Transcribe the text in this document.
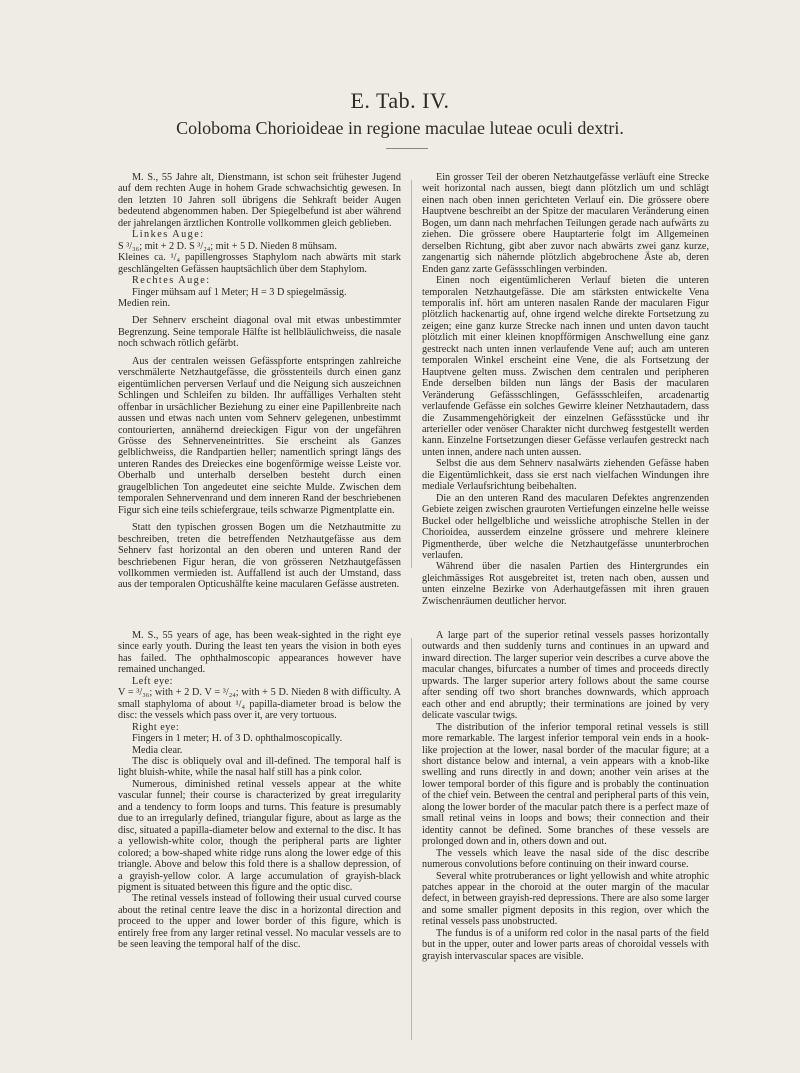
E. Tab. IV.
Coloboma Chorioideae in regione maculae luteae oculi dextri.

M. S., 55 Jahre alt, Dienstmann, ist schon seit frühester Jugend auf dem rechten Auge in hohem Grade schwachsichtig gewesen. In den letzten 10 Jahren soll übrigens die Sehkraft beider Augen bedeutend abgenommen haben. Der Spiegelbefund ist aber während der jahrelangen ärztlichen Kontrolle vollkommen gleich geblieben.

Linkes Auge:

S ³/₃₆; mit + 2 D. S ³/₂₄; mit + 5 D. Nieden 8 mühsam.

Kleines ca. ¹/₄ papillengrosses Staphylom nach abwärts mit stark geschlängelten Gefässen hauptsächlich über dem Staphylom.

Rechtes Auge:

Finger mühsam auf 1 Meter; H = 3 D spiegelmässig.

Medien rein.

Der Sehnerv erscheint diagonal oval mit etwas unbestimmter Begrenzung. Seine temporale Hälfte ist hellbläulichweiss, die nasale noch schwach rötlich gefärbt.

Aus der centralen weissen Gefässpforte entspringen zahlreiche verschmälerte Netzhautgefässe, die grösstenteils durch einen ganz eigentümlichen perversen Verlauf und die Neigung sich auszeichnen Schlingen und Schleifen zu bilden. Ihr auffälliges Verhalten steht offenbar in ursächlicher Beziehung zu einer eine Papillenbreite nach aussen und etwas nach unten vom Sehnerv gelegenen, unbestimmt contourierten, annähernd dreieckigen Figur von der ungefähren Grösse des Sehnerveneintrittes. Sie erscheint als Ganzes gelblichweiss, die Randpartien heller; namentlich springt längs des unteren Randes des Dreieckes eine bogenförmige weisse Leiste vor. Oberhalb und unterhalb derselben besteht durch einen graugelblichen Ton angedeutet eine seichte Mulde. Zwischen dem temporalen Sehnervenrand und dem inneren Rand der beschriebenen Figur sich eine teils schiefergraue, teils schwarze Pigmentplatte ein.

Statt den typischen grossen Bogen um die Netzhautmitte zu beschreiben, treten die betreffenden Netzhautgefässe aus dem Sehnerv fast horizontal an den oberen und unteren Rand der beschriebenen Figur heran, die von grösseren Netzhautgefässen vollkommen vermieden ist. Auffallend ist auch der Umstand, dass aus der temporalen Opticushälfte keine macularen Gefässe austreten.

Ein grosser Teil der oberen Netzhautgefässe verläuft eine Strecke weit horizontal nach aussen, biegt dann plötzlich um und schlägt einen nach oben innen gerichteten Verlauf ein. Die grössere obere Hauptvene beschreibt an der Spitze der macularen Veränderung einen Bogen, um dann nach mehrfachen Teilungen gerade nach aufwärts zu ziehen. Die grössere obere Hauptarterie folgt im Allgemeinen derselben Richtung, gibt aber zuvor nach abwärts zwei ganz kurze, zangenartig sich nähernde plötzlich abgebrochene Äste ab, deren Enden ganz zarte Gefässschlingen verbinden.

Einen noch eigentümlicheren Verlauf bieten die unteren temporalen Netzhautgefässe. Die am stärksten entwickelte Vena temporalis inf. hört am unteren nasalen Rande der macularen Figur plötzlich hackenartig auf, ohne irgend welche direkte Fortsetzung zu zeigen; eine ganz kurze Strecke nach innen und unten davon taucht plötzlich mit einer kleinen knopfförmigen Anschwellung eine ganz gestreckt nach unten innen verlaufende Vene auf; auch am unteren temporalen Winkel erscheint eine Vene, die als Fortsetzung der Hauptvene gelten muss. Zwischen dem centralen und peripheren Ende derselben bilden nun längs der Basis der macularen Veränderung Gefässschlingen, Gefässschleifen, arcadenartig verlaufende Gefässe ein solches Gewirre kleiner Netzhautadern, dass die Zusammengehörigkeit der einzelnen Gefässstücke und ihr arterieller oder venöser Charakter nicht durchweg festgestellt werden kann. Einzelne Fortsetzungen dieser Gefässe verlaufen gestreckt nach unten innen, andere nach unten aussen.

Selbst die aus dem Sehnerv nasalwärts ziehenden Gefässe haben die Eigentümlichkeit, dass sie erst nach vielfachen Windungen ihre mediale Verlaufsrichtung beibehalten.

Die an den unteren Rand des macularen Defektes angrenzenden Gebiete zeigen zwischen grauroten Vertiefungen einzelne helle weisse Buckel oder hellgelbliche und weissliche atrophische Stellen in der Chorioidea, ausserdem einzelne grössere und mehrere kleinere Pigmentherde, über welche die Netzhautgefässe ununterbrochen verlaufen.

Während über die nasalen Partien des Hintergrundes ein gleichmässiges Rot ausgebreitet ist, treten nach oben, aussen und unten einzelne Bezirke von Aderhautgefässen mit ihren grauen Zwischenräumen deutlicher hervor.

M. S., 55 years of age, has been weak-sighted in the right eye since early youth. During the least ten years the vision in both eyes has failed. The ophthalmoscopic appearances however have remained unchanged.

Left eye:

V = ³/₃₆; with + 2 D. V = ³/₂₄; with + 5 D. Nieden 8 with difficulty. A small staphyloma of about ¹/₄ papilla-diameter broad is below the disc: the vessels which pass over it, are very tortuous.

Right eye:

Fingers in 1 meter; H. of 3 D. ophthalmoscopically.

Media clear.

The disc is obliquely oval and ill-defined. The temporal half is light bluish-white, while the nasal half still has a pink color.

Numerous, diminished retinal vessels appear at the white vascular funnel; their course is characterized by great irregularity and a tendency to form loops and turns. This feature is presumably due to an irregularly defined, triangular figure, about as large as the disc, situated a papilla-diameter below and external to the disc. It has a yellowish-white color, though the peripheral parts are lighter colored; a bow-shaped white ridge runs along the lower edge of this triangle. Above and below this fold there is a shallow depression, of a grayish-yellow color. A large accumulation of grayish-black pigment is situated between this figure and the optic disc.

The retinal vessels instead of following their usual curved course about the retinal centre leave the disc in a horizontal direction and proceed to the upper and lower border of this figure, which is entirely free from any larger retinal vessel. No macular vessels are to be seen leaving the temporal half of the disc.

A large part of the superior retinal vessels passes horizontally outwards and then suddenly turns and continues in an upward and inward direction. The larger superior vein describes a curve above the macular changes, bifurcates a number of times and proceeds directly upwards. The larger superior artery follows about the same course after sending off two short branches downwards, which approach each other and end abruptly; their terminations are joined by very delicate vascular twigs.

The distribution of the inferior temporal retinal vessels is still more remarkable. The largest inferior temporal vein ends in a hook-like projection at the lower, nasal border of the macular figure; at a short distance below and internal, a vein appears with a knob-like swelling and runs directly in and down; another vein arises at the lower temporal border of this figure and is probably the continuation of the chief vein. Between the central and peripheral parts of this vein, along the lower border of the macular patch there is a perfect maze of small retinal veins in loops and bows; their connection and their identity cannot be defined. Some branches of these vessels are prolonged down and in, others down and out.

The vessels which leave the nasal side of the disc describe numerous convolutions before continuing on their inward course.

Several white protruberances or light yellowish and white atrophic patches appear in the choroid at the outer margin of the macular defect, in between grayish-red depressions. There are also some larger and some smaller pigment deposits in this region, over which the retinal vessels pass unobstructed.

The fundus is of a uniform red color in the nasal parts of the field but in the upper, outer and lower parts areas of choroidal vessels with grayish intervascular spaces are visible.
